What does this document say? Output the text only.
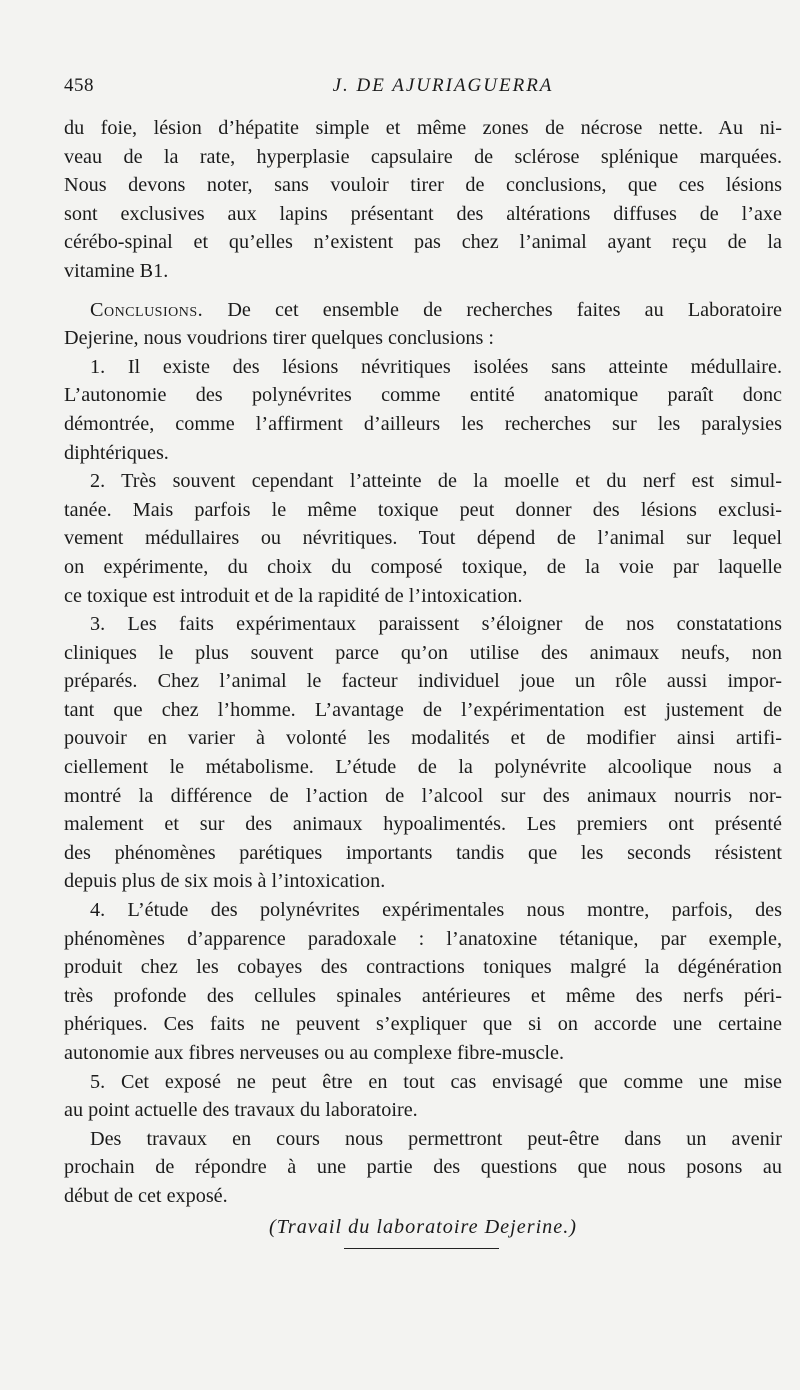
458	J. DE AJURIAGUERRA

du foie, lésion d’hépatite simple et même zones de nécrose nette. Au ni-
veau de la rate, hyperplasie capsulaire de sclérose splénique marquées.
Nous devons noter, sans vouloir tirer de conclusions, que ces lésions
sont exclusives aux lapins présentant des altérations diffuses de l’axe
cérébo-spinal et qu’elles n’existent pas chez l’animal ayant reçu de la
vitamine B1.

Conclusions. De cet ensemble de recherches faites au Laboratoire
Dejerine, nous voudrions tirer quelques conclusions :

1. Il existe des lésions névritiques isolées sans atteinte médullaire.
L’autonomie des polynévrites comme entité anatomique paraît donc
démontrée, comme l’affirment d’ailleurs les recherches sur les paralysies
diphtériques.

2. Très souvent cependant l’atteinte de la moelle et du nerf est simul-
tanée. Mais parfois le même toxique peut donner des lésions exclusi-
vement médullaires ou névritiques. Tout dépend de l’animal sur lequel
on expérimente, du choix du composé toxique, de la voie par laquelle
ce toxique est introduit et de la rapidité de l’intoxication.

3. Les faits expérimentaux paraissent s’éloigner de nos constatations
cliniques le plus souvent parce qu’on utilise des animaux neufs, non
préparés. Chez l’animal le facteur individuel joue un rôle aussi impor-
tant que chez l’homme. L’avantage de l’expérimentation est justement de
pouvoir en varier à volonté les modalités et de modifier ainsi artifi-
ciellement le métabolisme. L’étude de la polynévrite alcoolique nous a
montré la différence de l’action de l’alcool sur des animaux nourris nor-
malement et sur des animaux hypoalimentés. Les premiers ont présenté
des phénomènes parétiques importants tandis que les seconds résistent
depuis plus de six mois à l’intoxication.

4. L’étude des polynévrites expérimentales nous montre, parfois, des
phénomènes d’apparence paradoxale : l’anatoxine tétanique, par exemple,
produit chez les cobayes des contractions toniques malgré la dégénération
très profonde des cellules spinales antérieures et même des nerfs péri-
phériques. Ces faits ne peuvent s’expliquer que si on accorde une certaine
autonomie aux fibres nerveuses ou au complexe fibre-muscle.

5. Cet exposé ne peut être en tout cas envisagé que comme une mise
au point actuelle des travaux du laboratoire.

Des travaux en cours nous permettront peut-être dans un avenir
prochain de répondre à une partie des questions que nous posons au
début de cet exposé.

(Travail du laboratoire Dejerine.)
